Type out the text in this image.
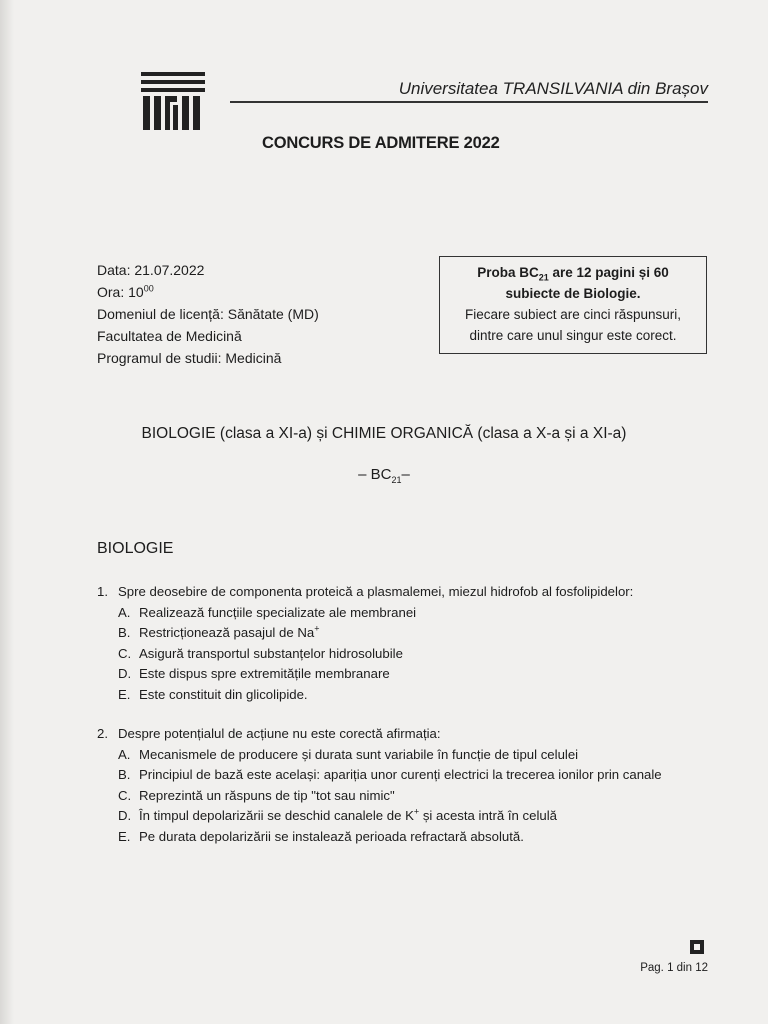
Universitatea TRANSILVANIA din Brașov
CONCURS DE ADMITERE 2022
Data: 21.07.2022
Ora: $10^{00}$
Domeniul de licență: Sănătate (MD)
Facultatea de Medicină
Programul de studii: Medicină
Proba $BC_{21}$ are 12 pagini și 60
subiecte de Biologie.
Fiecare subiect are cinci răspunsuri,
dintre care unul singur este corect.
BIOLOGIE (clasa a XI-a) și CHIMIE ORGANICĂ (clasa a X-a și a XI-a)
– $BC_{21}-$
BIOLOGIE
1. Spre deosebire de componenta proteică a plasmalemei, miezul hidrofob al fosfolipidelor:
A. Realizează funcțiile specializate ale membranei
B. Restricționează pasajul de Na+
C. Asigură transportul substanțelor hidrosolubile
D. Este dispus spre extremitățile membranare
E. Este constituit din glicolipide.
2. Despre potențialul de acțiune nu este corectă afirmația:
A. Mecanismele de producere și durata sunt variabile în funcție de tipul celulei
B. Principiul de bază este același: apariția unor curenți electrici la trecerea ionilor prin canale
C. Reprezintă un răspuns de tip "tot sau nimic"
D. În timpul depolarizării se deschid canalele de K+ și acesta intră în celulă
E. Pe durata depolarizării se instalează perioada refractară absolută.
Pag. 1 din 12
